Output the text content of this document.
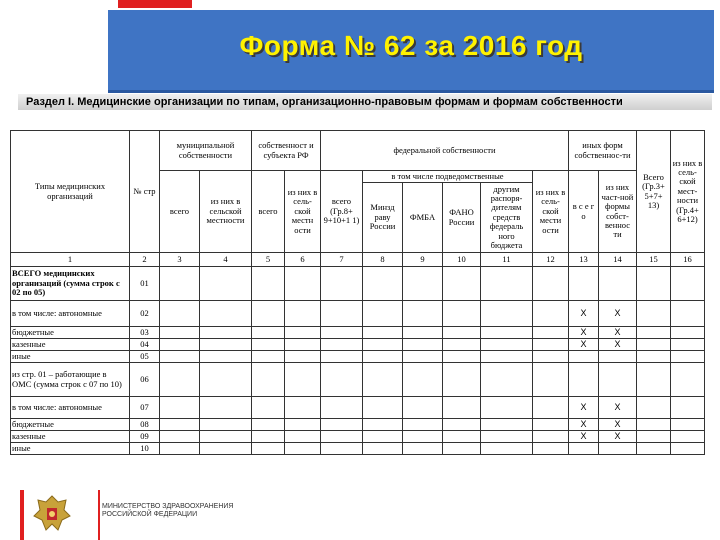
Форма № 62 за 2016 год
Раздел I. Медицинские организации по типам, организационно-правовым формам и формам собственности
Типы медицинских организаций	№ стр	муниципальной собственности		собственност и субъекта РФ		федеральной собственности						иных форм собственнос-ти		Всего (Гр.3+ 5+7+ 13)	из них в сель-ской мест-ности (Гр.4+ 6+12)
		всего	из них в сельской местности	всего	из них в сель-ской местн ости	всего (Гр.8+ 9+10+1 1)	в том числе подведомственные				из них в сель-ской мести ости	в с е г о	из них част-ной формы собст-веннос ти		
							Минзд раву России	ФМБА	ФАНО России	другим распоря-дителям средств федераль ного бюджета					
1	2	3	4	5	6	7	8	9	10	11	12	13	14	15	16
ВСЕГО медицинских организаций (сумма строк с 02 по 05)	01														
в том числе: автономные	02											X	X		
бюджетные	03											X	X		
казенные	04											X	X		
иные	05														
из стр. 01 – работающие в ОМС (сумма строк с 07 по 10)	06														
в том числе: автономные	07											X	X		
бюджетные	08											X	X		
казенные	09											X	X		
иные	10														
МИНИСТЕРСТВО ЗДРАВООХРАНЕНИЯ
РОССИЙСКОЙ ФЕДЕРАЦИИ
